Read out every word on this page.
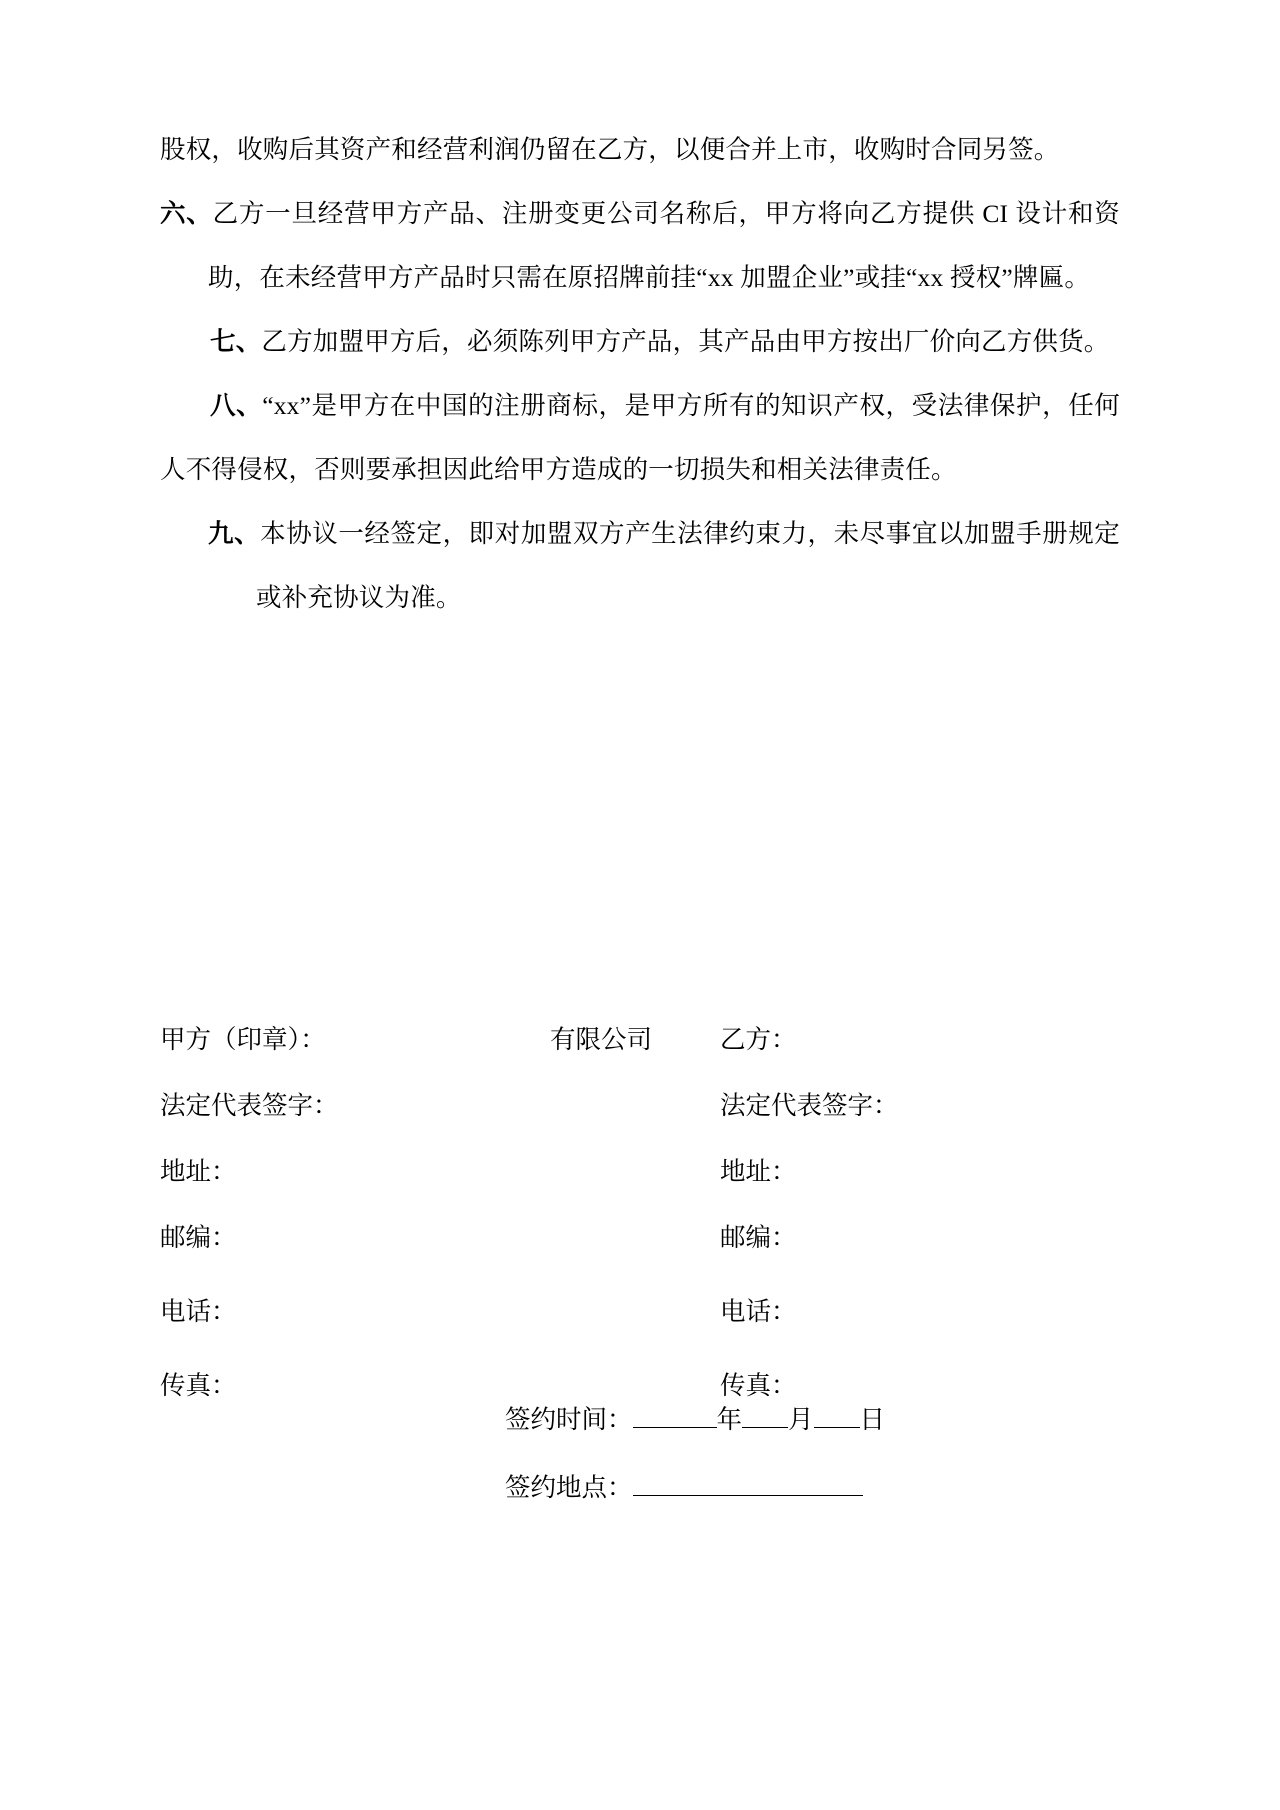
股权，收购后其资产和经营利润仍留在乙方，以便合并上市，收购时合同另签。

六、乙方一旦经营甲方产品、注册变更公司名称后，甲方将向乙方提供 CI 设计和资助，在未经营甲方产品时只需在原招牌前挂“xx 加盟企业”或挂“xx 授权”牌匾。

七、乙方加盟甲方后，必须陈列甲方产品，其产品由甲方按出厂价向乙方供货。

八、“xx”是甲方在中国的注册商标，是甲方所有的知识产权，受法律保护，任何人不得侵权，否则要承担因此给甲方造成的一切损失和相关法律责任。

九、本协议一经签定，即对加盟双方产生法律约束力，未尽事宜以加盟手册规定或补充协议为准。

甲方（印章）：	有限公司	乙方：
法定代表签字：	法定代表签字：
地址：	地址：
邮编：	邮编：
电话：	电话：
传真：	传真：
签约时间：	年 月 日
签约地点：
